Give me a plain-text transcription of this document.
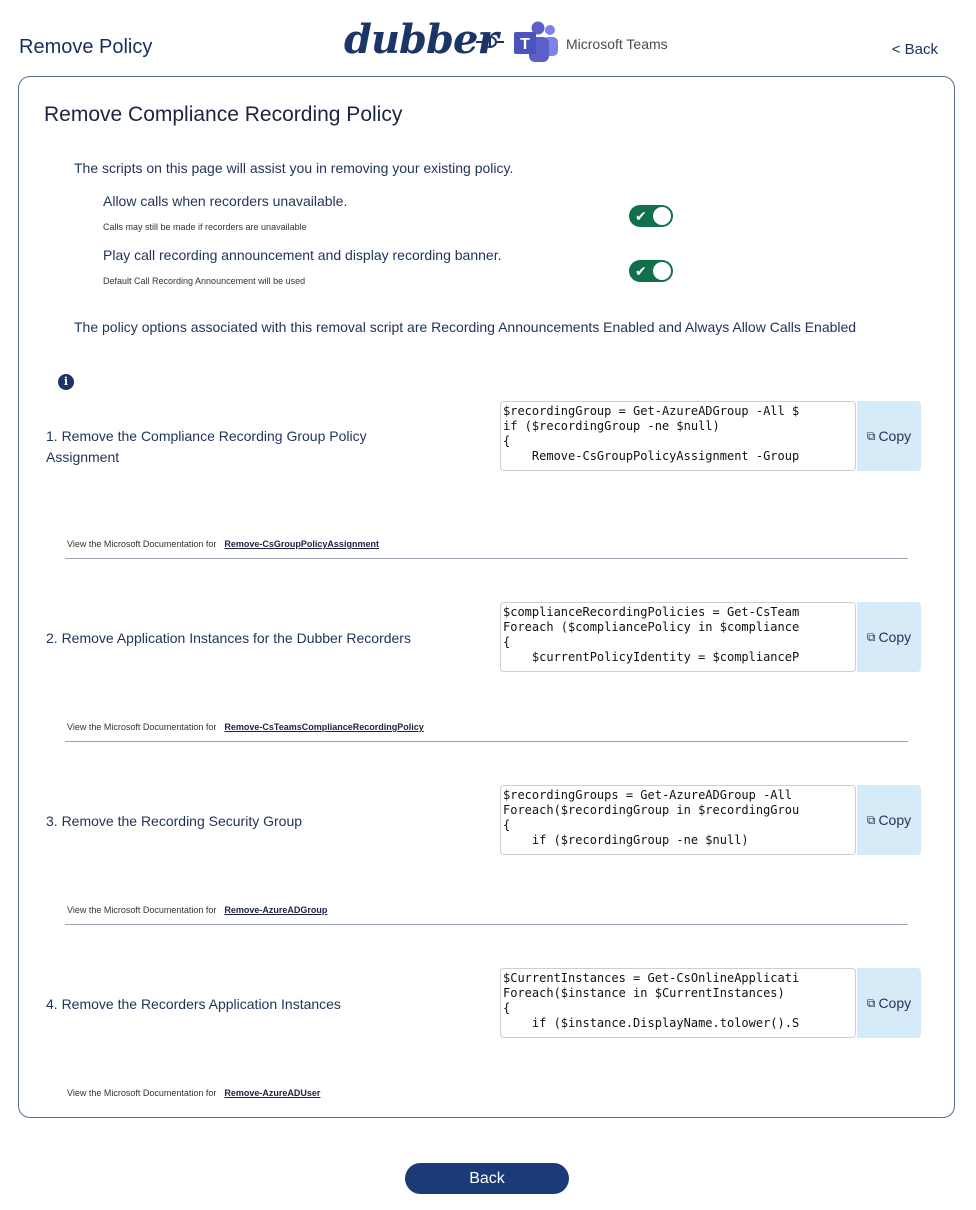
Remove Policy	dubber T	Microsoft Teams	< Back
Remove Compliance Recording Policy
The scripts on this page will assist you in removing your existing policy.
Allow calls when recorders unavailable.
Calls may still be made if recorders are unavailable
✔
Play call recording announcement and display recording banner.
Default Call Recording Announcement will be used
✔
The policy options associated with this removal script are Recording Announcements Enabled and Always Allow Calls Enabled
i
1. Remove the Compliance Recording Group Policy Assignment
$recordingGroup = Get-AzureADGroup -All $
if ($recordingGroup -ne $null)
{
Remove-CsGroupPolicyAssignment -Group
⧉ Copy
View the Microsoft Documentation for Remove-CsGroupPolicyAssignment
2. Remove Application Instances for the Dubber Recorders
$complianceRecordingPolicies = Get-CsTeam
Foreach ($compliancePolicy in $compliance
{
$currentPolicyIdentity = $complianceP
⧉ Copy
View the Microsoft Documentation for Remove-CsTeamsComplianceRecordingPolicy
3. Remove the Recording Security Group
$recordingGroups = Get-AzureADGroup -All
Foreach($recordingGroup in $recordingGrou
{
if ($recordingGroup -ne $null)
⧉ Copy
View the Microsoft Documentation for Remove-AzureADGroup
4. Remove the Recorders Application Instances
$CurrentInstances = Get-CsOnlineApplicati
Foreach($instance in $CurrentInstances)
{
if ($instance.DisplayName.tolower().S
⧉ Copy
View the Microsoft Documentation for Remove-AzureADUser
Back
